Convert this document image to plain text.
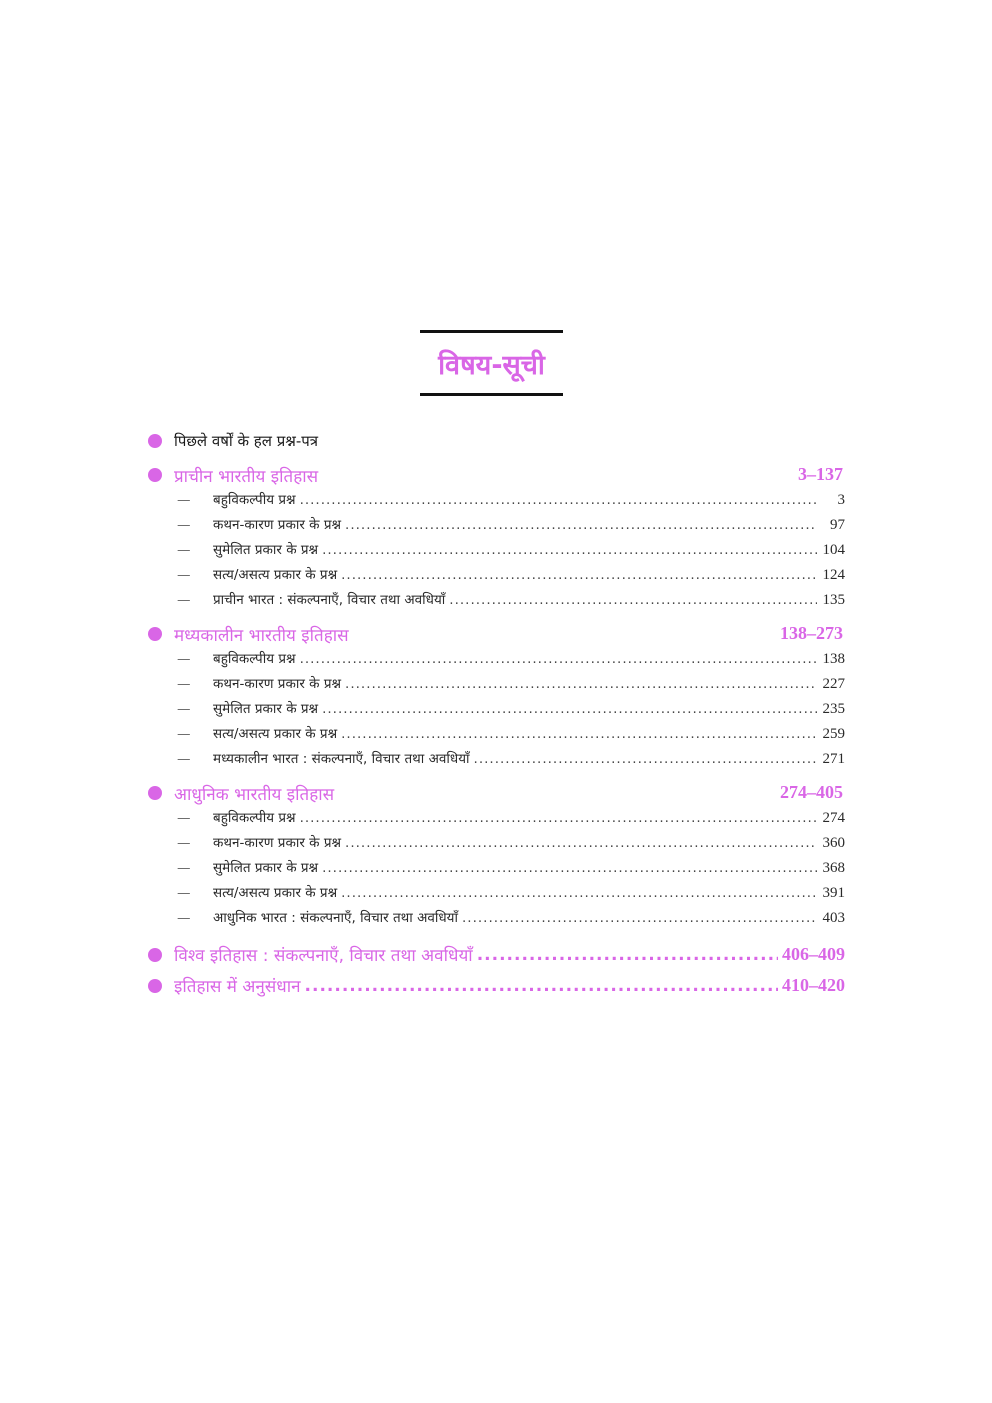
विषय-सूची
पिछले वर्षों के हल प्रश्न-पत्र
प्राचीन भारतीय इतिहास	3–137
—	बहुविकल्पीय प्रश्न .....	3
—	कथन-कारण प्रकार के प्रश्न .....	97
—	सुमेलित प्रकार के प्रश्न .....	104
—	सत्य/असत्य प्रकार के प्रश्न .....	124
—	प्राचीन भारत : संकल्पनाएँ, विचार तथा अवधियाँ .....	135
मध्यकालीन भारतीय इतिहास	138–273
—	बहुविकल्पीय प्रश्न .....	138
—	कथन-कारण प्रकार के प्रश्न .....	227
—	सुमेलित प्रकार के प्रश्न .....	235
—	सत्य/असत्य प्रकार के प्रश्न .....	259
—	मध्यकालीन भारत : संकल्पनाएँ, विचार तथा अवधियाँ .....	271
आधुनिक भारतीय इतिहास	274–405
—	बहुविकल्पीय प्रश्न .....	274
—	कथन-कारण प्रकार के प्रश्न .....	360
—	सुमेलित प्रकार के प्रश्न .....	368
—	सत्य/असत्य प्रकार के प्रश्न .....	391
—	आधुनिक भारत : संकल्पनाएँ, विचार तथा अवधियाँ .....	403
विश्व इतिहास : संकल्पनाएँ, विचार तथा अवधियाँ .....	406–409
इतिहास में अनुसंधान .....	410–420
